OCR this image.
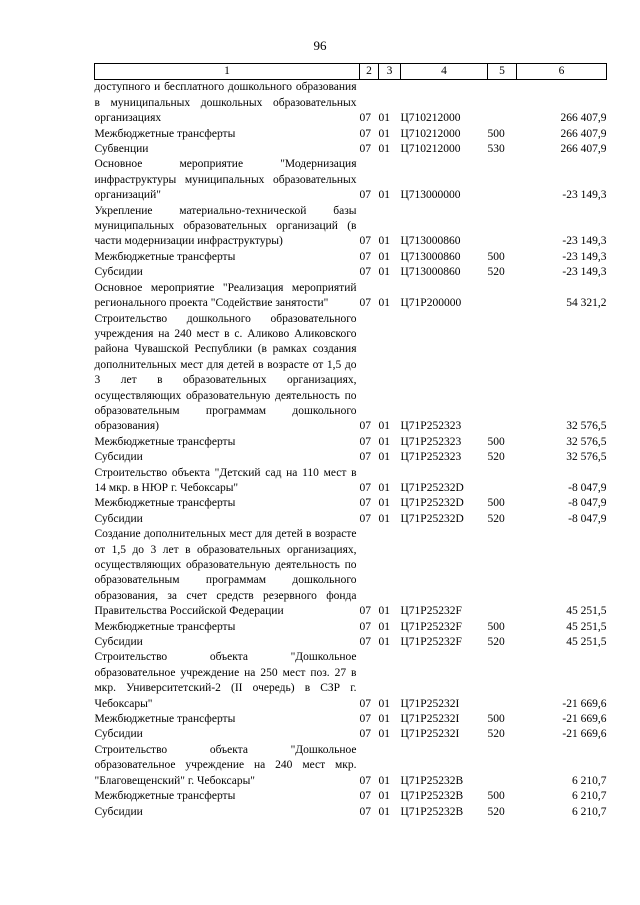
96
1	2	3	4	5	6
доступного и бесплатного дошкольного образования в муниципальных дошкольных образовательных организациях	07	01	Ц710212000		266 407,9
Межбюджетные трансферты	07	01	Ц710212000	500	266 407,9
Субвенции	07	01	Ц710212000	530	266 407,9
Основное мероприятие "Модернизация инфраструктуры муниципальных образовательных организаций"	07	01	Ц713000000		-23 149,3
Укрепление материально-технической базы муниципальных образовательных организаций (в части модернизации инфраструктуры)	07	01	Ц713000860		-23 149,3
Межбюджетные трансферты	07	01	Ц713000860	500	-23 149,3
Субсидии	07	01	Ц713000860	520	-23 149,3
Основное мероприятие "Реализация мероприятий регионального проекта "Содействие занятости"	07	01	Ц71Р200000		54 321,2
Строительство дошкольного образовательного учреждения на 240 мест в с. Аликово Аликовского района Чувашской Республики (в рамках создания дополнительных мест для детей в возрасте от 1,5 до 3 лет в образовательных организациях, осуществляющих образовательную деятельность по образовательным программам дошкольного образования)	07	01	Ц71Р252323		32 576,5
Межбюджетные трансферты	07	01	Ц71Р252323	500	32 576,5
Субсидии	07	01	Ц71Р252323	520	32 576,5
Строительство объекта "Детский сад на 110 мест в 14 мкр. в НЮР г. Чебоксары"	07	01	Ц71Р25232D		-8 047,9
Межбюджетные трансферты	07	01	Ц71Р25232D	500	-8 047,9
Субсидии	07	01	Ц71Р25232D	520	-8 047,9
Создание дополнительных мест для детей в возрасте от 1,5 до 3 лет в образовательных организациях, осуществляющих образовательную деятельность по образовательным программам дошкольного образования, за счет средств резервного фонда Правительства Российской Федерации	07	01	Ц71Р25232F		45 251,5
Межбюджетные трансферты	07	01	Ц71Р25232F	500	45 251,5
Субсидии	07	01	Ц71Р25232F	520	45 251,5
Строительство объекта "Дошкольное образовательное учреждение на 250 мест поз. 27 в мкр. Университетский-2 (II очередь) в СЗР г. Чебоксары"	07	01	Ц71Р25232I		-21 669,6
Межбюджетные трансферты	07	01	Ц71Р25232I	500	-21 669,6
Субсидии	07	01	Ц71Р25232I	520	-21 669,6
Строительство объекта "Дошкольное образовательное учреждение на 240 мест мкр. "Благовещенский" г. Чебоксары"	07	01	Ц71Р25232B		6 210,7
Межбюджетные трансферты	07	01	Ц71Р25232B	500	6 210,7
Субсидии	07	01	Ц71Р25232B	520	6 210,7
